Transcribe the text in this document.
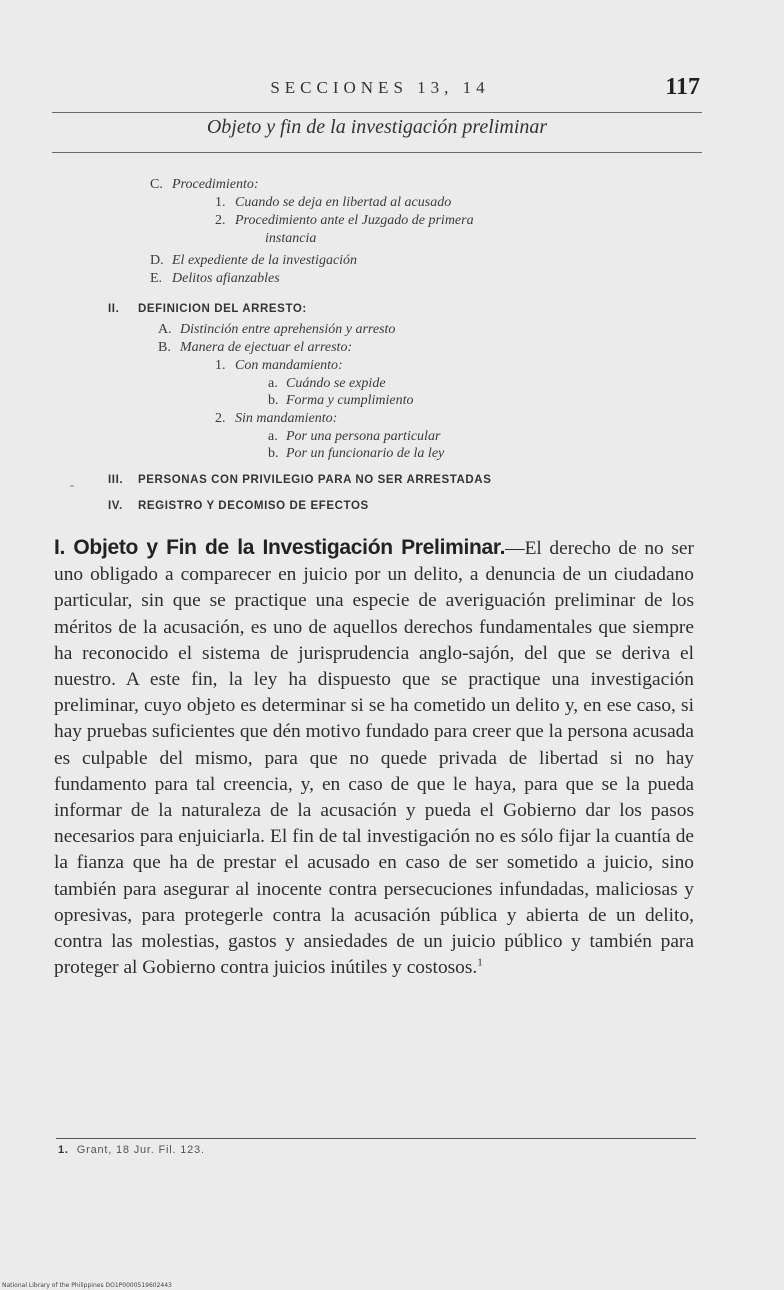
SECCIONES 13, 14	117
Objeto y fin de la investigación preliminar
C. Procedimiento:
1. Cuando se deja en libertad al acusado
2. Procedimiento ante el Juzgado de primera
instancia
D. El expediente de la investigación
E. Delitos afianzables
II. DEFINICION DEL ARRESTO:
A. Distinción entre aprehensión y arresto
B. Manera de ejectuar el arresto:
1. Con mandamiento:
a. Cuándo se expide
b. Forma y cumplimiento
2. Sin mandamiento:
a. Por una persona particular
b. Por un funcionario de la ley
-	III. PERSONAS CON PRIVILEGIO PARA NO SER ARRESTADAS
IV. REGISTRO Y DECOMISO DE EFECTOS
I. Objeto y Fin de la Investigación Preliminar.—El derecho de no ser uno obligado a comparecer en juicio por un delito, a denuncia de un ciudadano particular, sin que se practique una especie de averiguación preliminar de los méritos de la acusación, es uno de aquellos derechos fundamentales que siempre ha reconocido el sistema de jurisprudencia anglo-sajón, del que se deriva el nuestro. A este fin, la ley ha dispuesto que se practique una investigación preliminar, cuyo objeto es determinar si se ha cometido un delito y, en ese caso, si hay pruebas suficientes que dén motivo fundado para creer que la persona acusada es culpable del mismo, para que no quede privada de libertad si no hay fundamento para tal creencia, y, en caso de que le haya, para que se la pueda informar de la naturaleza de la acusación y pueda el Gobierno dar los pasos necesarios para enjuiciarla. El fin de tal investigación no es sólo fijar la cuantía de la fianza que ha de prestar el acusado en caso de ser sometido a juicio, sino también para asegurar al inocente contra persecuciones infundadas, maliciosas y opresivas, para protegerle contra la acusación pública y abierta de un delito, contra las molestias, gastos y ansiedades de un juicio público y también para proteger al Gobierno contra juicios inútiles y costosos.$^1$
1. Grant, 18 Jur. Fil. 123.
National Library of the Philippines DO1P0000519602443
